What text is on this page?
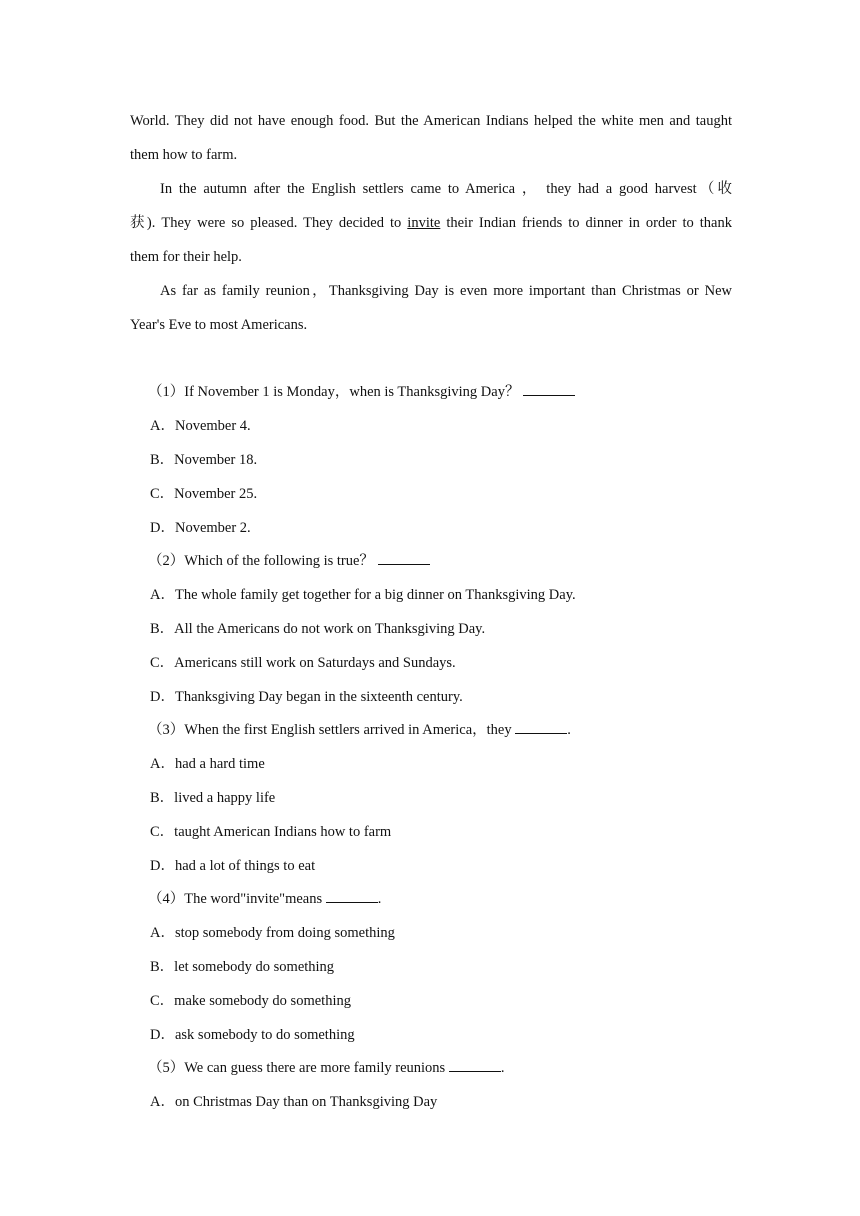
World. They did not have enough food. But the American Indians helped the white men and taught
them how to farm.
In the autumn after the English settlers came to America ， they had a good harvest（收
获). They were so pleased. They decided to invite their Indian friends to dinner in order to thank
them for their help.
As far as family reunion，Thanksgiving Day is even more important than Christmas or New
Year's Eve to most Americans.
（1）If November 1 is Monday，when is Thanksgiving Day？
A．November 4.
B．November 18.
C．November 25.
D．November 2.
（2）Which of the following is true？
A．The whole family get together for a big dinner on Thanksgiving Day.
B．All the Americans do not work on Thanksgiving Day.
C．Americans still work on Saturdays and Sundays.
D．Thanksgiving Day began in the sixteenth century.
（3）When the first English settlers arrived in America，they	.
A．had a hard time
B．lived a happy life
C．taught American Indians how to farm
D．had a lot of things to eat
（4）The word"invite"means	.
A．stop somebody from doing something
B．let somebody do something
C．make somebody do something
D．ask somebody to do something
（5）We can guess there are more family reunions	.
A．on Christmas Day than on Thanksgiving Day
